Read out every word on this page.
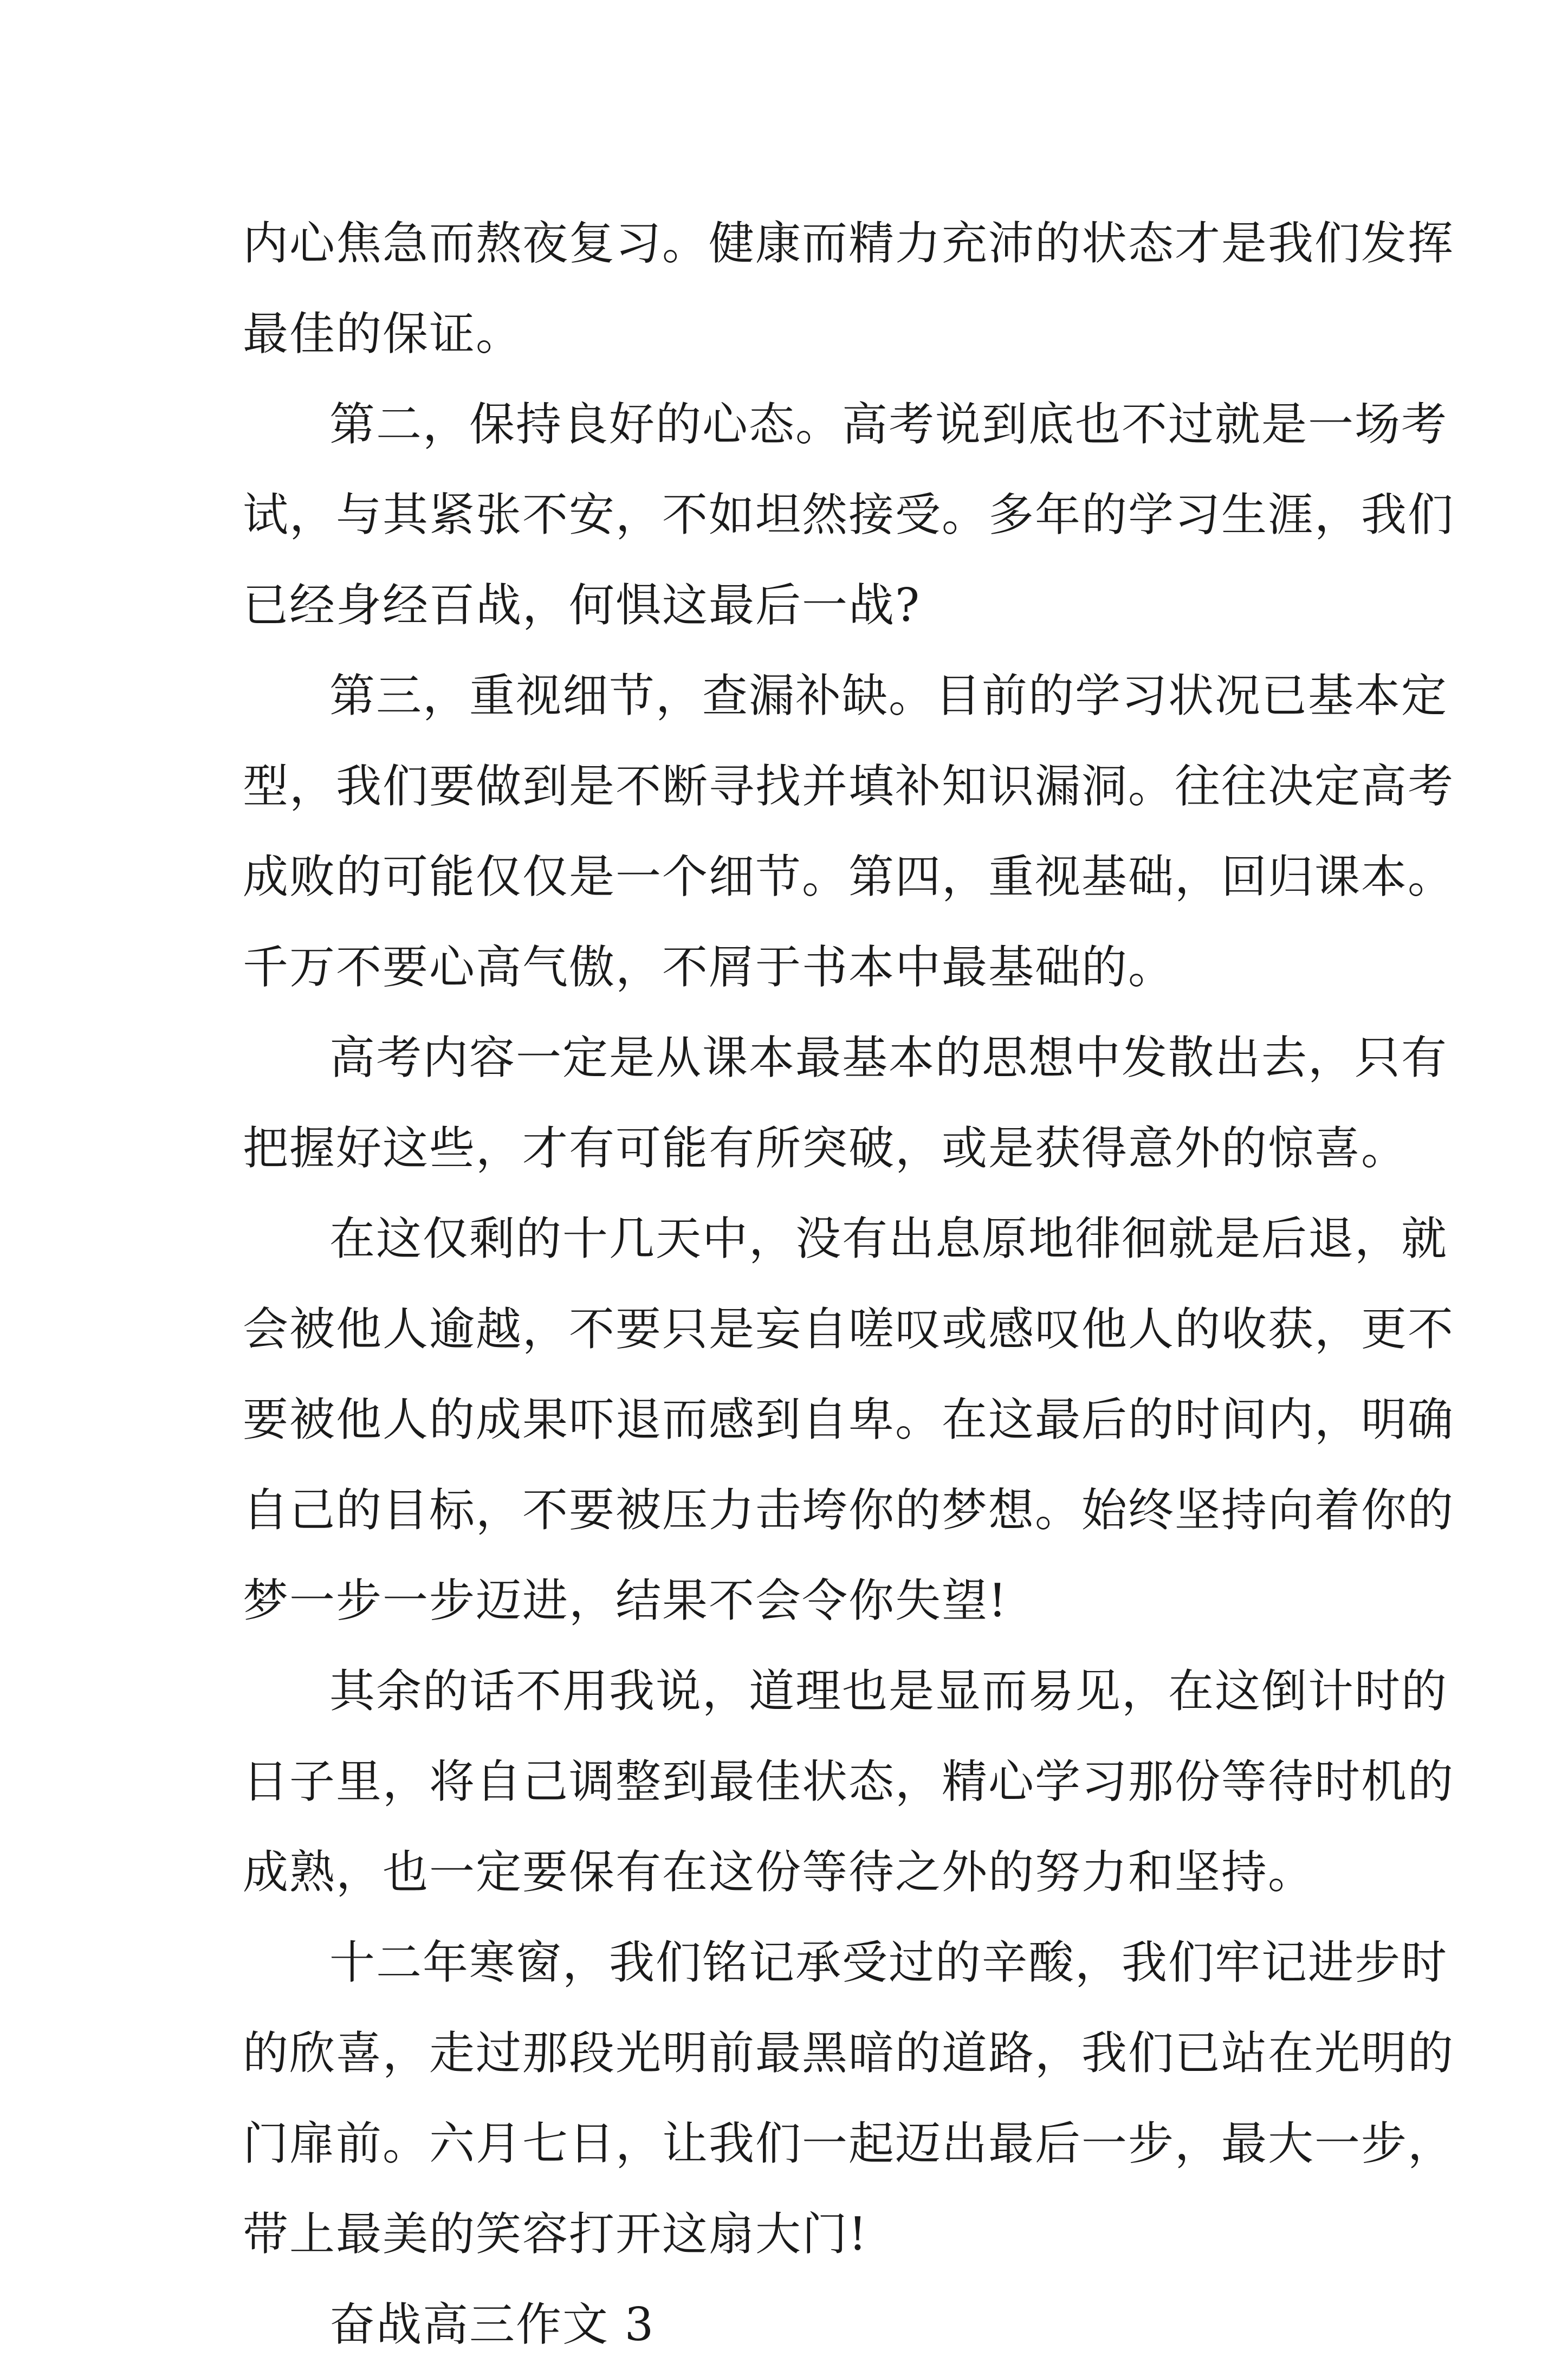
内心焦急而熬夜复习。健康而精力充沛的状态才是我们发挥
最佳的保证。

第二，保持良好的心态。高考说到底也不过就是一场考
试，与其紧张不安，不如坦然接受。多年的学习生涯，我们
已经身经百战，何惧这最后一战?

第三，重视细节，查漏补缺。目前的学习状况已基本定
型，我们要做到是不断寻找并填补知识漏洞。往往决定高考
成败的可能仅仅是一个细节。第四，重视基础，回归课本。
千万不要心高气傲，不屑于书本中最基础的。

高考内容一定是从课本最基本的思想中发散出去，只有
把握好这些，才有可能有所突破，或是获得意外的惊喜。

在这仅剩的十几天中，没有出息原地徘徊就是后退，就
会被他人逾越，不要只是妄自嗟叹或感叹他人的收获，更不
要被他人的成果吓退而感到自卑。在这最后的时间内，明确
自己的目标，不要被压力击垮你的梦想。始终坚持向着你的
梦一步一步迈进，结果不会令你失望!

其余的话不用我说，道理也是显而易见，在这倒计时的
日子里，将自己调整到最佳状态，精心学习那份等待时机的
成熟，也一定要保有在这份等待之外的努力和坚持。

十二年寒窗，我们铭记承受过的辛酸，我们牢记进步时
的欣喜，走过那段光明前最黑暗的道路，我们已站在光明的
门扉前。六月七日，让我们一起迈出最后一步，最大一步，
带上最美的笑容打开这扇大门!

奋战高三作文 3
